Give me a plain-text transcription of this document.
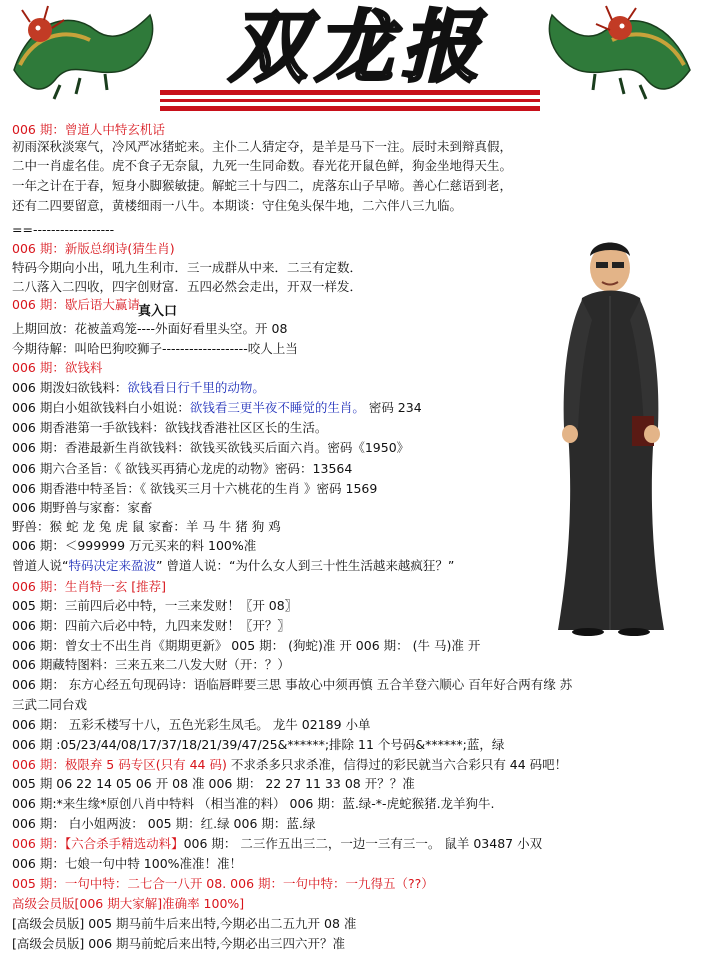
双龙报
006 期：曾道人中特玄机话
初雨深秋淡寒气，冷风严冰猪蛇来。主仆二人猜定夺，是羊是马下一注。辰时未到辩真假，
二中一肖虚名佳。虎不食子无奈鼠，九死一生同命数。春光花开鼠色鲜，狗金坐地得天生。
一年之计在于春，短身小脚猴敏捷。解蛇三十与四二，虎落东山子早啼。善心仁慈语到老，
还有二四要留意，黄楼细雨一八牛。本期谈：守住兔头保牛地，二六伴八三九临。
==------------------
006 期：新版总纲诗(猜生肖)
特码今期向小出，吼九生利市．三一成群从中来．二三有定数．
二八落入二四收，四字创财富．五四必然会走出，开双一样发．
006 期：歇后语大赢请
上期回放：花被盖鸡笼----外面好看里头空。开 08
今期待解：叫哈巴狗咬狮子-------------------咬人上当
006 期：欲钱料
006 期泼妇欲钱料：欲钱看日行千里的动物。
006 期白小姐欲钱料白小姐说：欲钱看三更半夜不睡觉的生肖。 密码 234
006 期香港第一手欲钱料：欲钱找香港社区区长的生活。
006 期：香港最新生肖欲钱料：欲钱买欲钱买后面六肖。密码《1950》
006 期六合圣旨：《 欲钱买再猜心龙虎的动物》密码：13564
006 期香港中特圣旨：《 欲钱买三月十六桃花的生肖 》密码 1569
006 期野兽与家畜：家畜
野兽：猴 蛇 龙 兔 虎 鼠 家畜：羊 马 牛 猪 狗 鸡
006 期：＜999999 万元买来的料 100%准
曾道人说“特码决定来盈波” 曾道人说：“为什么女人到三十性生活越来越疯狂？”
006 期：生肖特一玄 [推荐]
005 期：三前四后必中特，一三来发财！〖开 08〗
006 期：四前六后必中特，九四来发财！〖开？〗
006 期：曾女士不出生肖《期期更新》 005 期： (狗蛇)准 开 006 期： (牛 马)准 开
006 期藏特图料：三来五来二八发大财（开：？）
006 期： 东方心经五句现码诗：语临唇畔要三思 事故心中须再慎 五合羊登六顺心 百年好合两有缘 苏
三武二同台戏
006 期： 五彩禾楼写十八，五色光彩生凤毛。 龙牛 02189 小单
006 期 :05/23/44/08/17/37/18/21/39/47/25&******;排除 11 个号码&******;蓝，绿
006 期：极限弃 5 码专区(只有 44 码) 不求杀多只求杀准，信得过的彩民就当六合彩只有 44 码吧！
005 期 06 22 14 05 06 开 08 准 006 期： 22 27 11 33 08 开？？准
006 期:*来生缘*原创八肖中特料 （相当准的料） 006 期：蓝.绿-*-虎蛇猴猪.龙羊狗牛.
006 期： 白小姐两波： 005 期：红.绿 006 期：蓝.绿
006 期：【六合杀手精选动料】006 期： 二三作五出三二，一边一三有三一。 鼠羊 03487 小双
006 期：七娘一句中特 100%准准！准！
005 期：一句中特：二七合一八开 08. 006 期：一句中特：一九得五（??）
高级会员版[006 期大家解]准确率 100%]
[高级会员版] 005 期马前牛后来出特,今期必出二五九开 08 准
[高级会员版] 006 期马前蛇后来出特,今期必出三四六开？准
真入口
